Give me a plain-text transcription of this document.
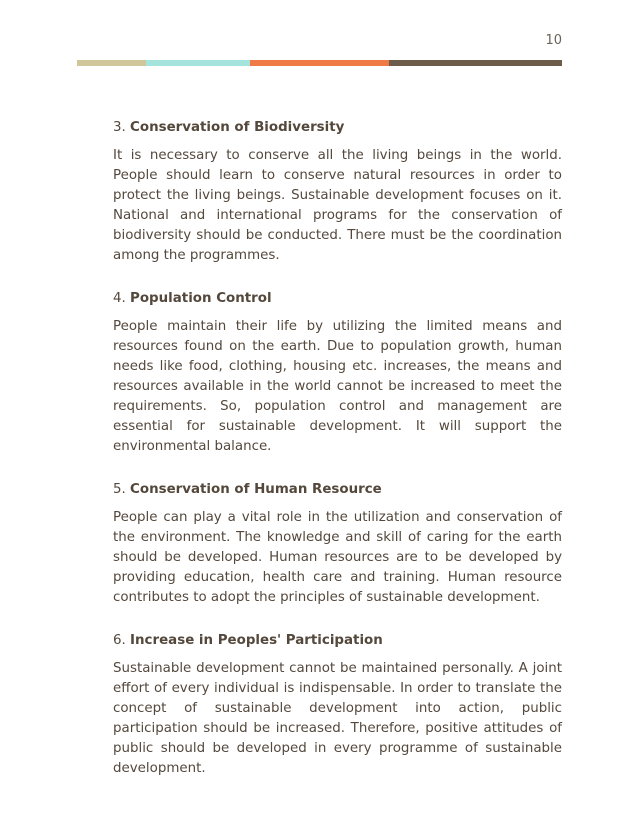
10
3. Conservation of Biodiversity

It is necessary to conserve all the living beings in the world. People should learn to conserve natural resources in order to protect the living beings. Sustainable development focuses on it. National and international programs for the conservation of biodiversity should be conducted. There must be the coordination among the programmes.

4. Population Control

People maintain their life by utilizing the limited means and resources found on the earth. Due to population growth, human needs like food, clothing, housing etc. increases, the means and resources available in the world cannot be increased to meet the requirements. So, population control and management are essential for sustainable development. It will support the environmental balance.

5. Conservation of Human Resource

People can play a vital role in the utilization and conservation of the environment. The knowledge and skill of caring for the earth should be developed. Human resources are to be developed by providing education, health care and training. Human resource contributes to adopt the principles of sustainable development.

6. Increase in Peoples' Participation

Sustainable development cannot be maintained personally. A joint effort of every individual is indispensable. In order to translate the concept of sustainable development into action, public participation should be increased. Therefore, positive attitudes of public should be developed in every programme of sustainable development.
